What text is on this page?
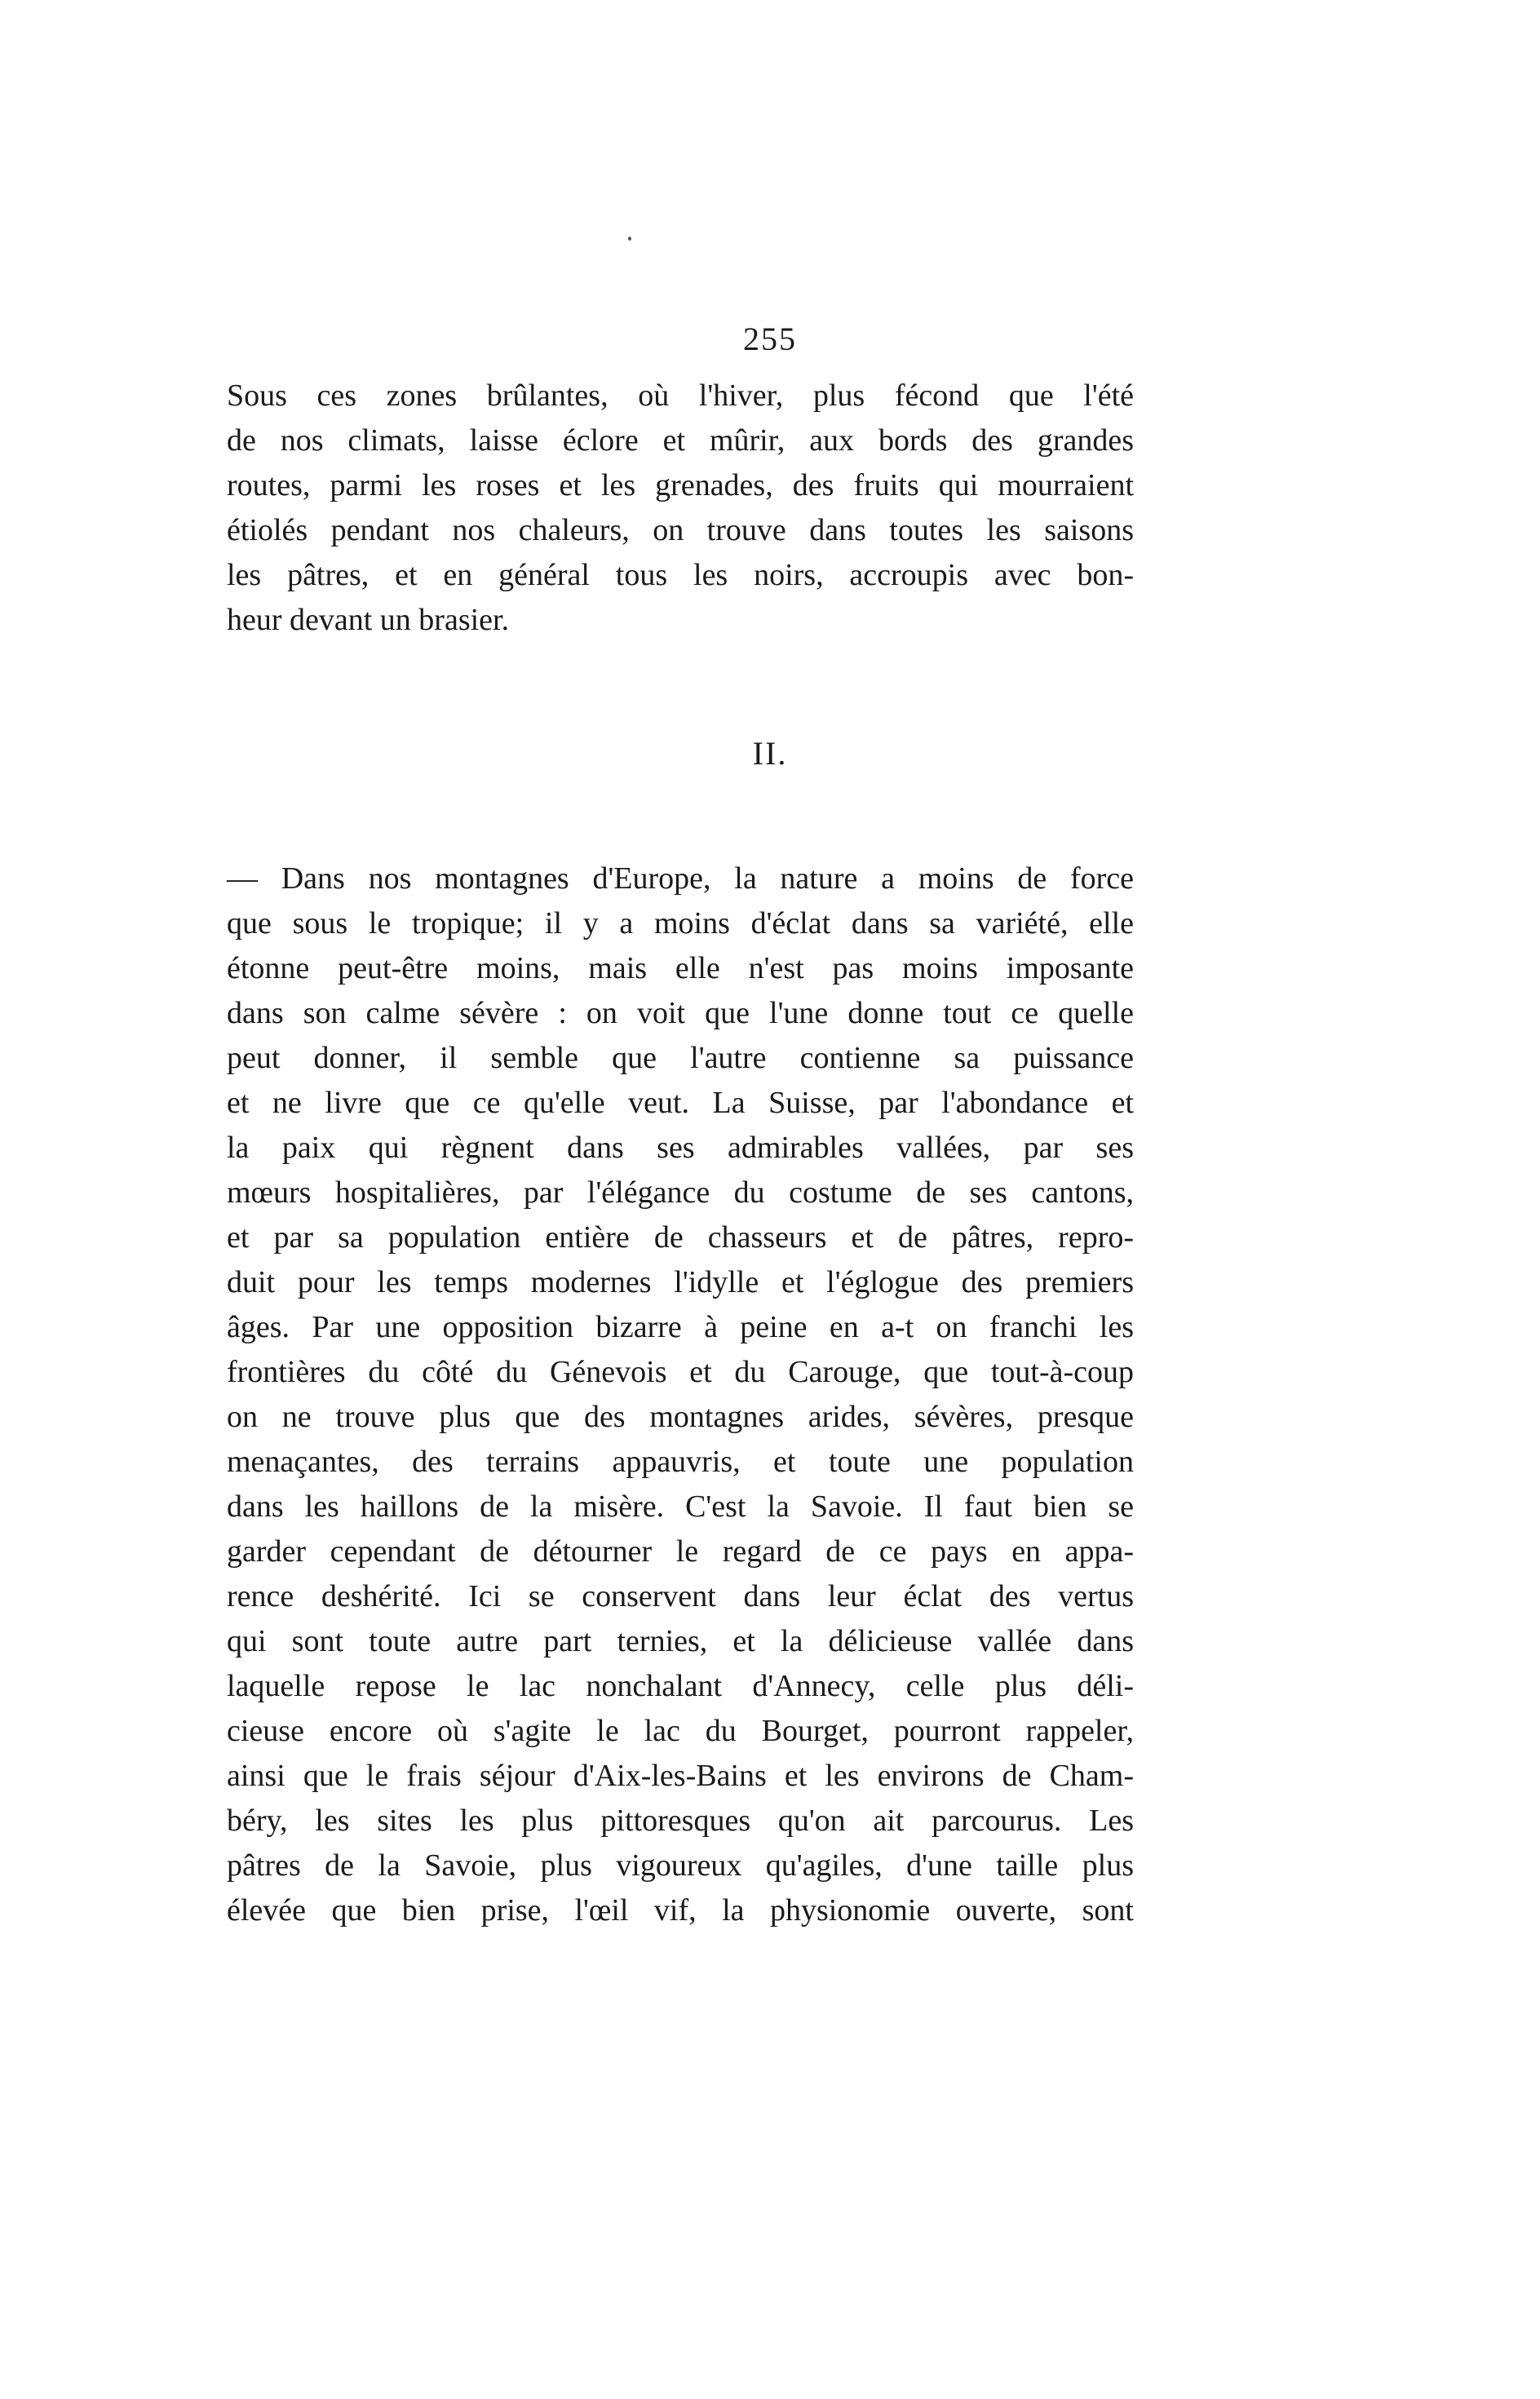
255
Sous ces zones brûlantes, où l'hiver, plus fécond que l'été
de nos climats, laisse éclore et mûrir, aux bords des grandes
routes, parmi les roses et les grenades, des fruits qui mourraient
étiolés pendant nos chaleurs, on trouve dans toutes les saisons
les pâtres, et en général tous les noirs, accroupis avec bon-
heur devant un brasier.
II.
— Dans nos montagnes d'Europe, la nature a moins de force
que sous le tropique; il y a moins d'éclat dans sa variété, elle
étonne peut-être moins, mais elle n'est pas moins imposante
dans son calme sévère : on voit que l'une donne tout ce quelle
peut donner, il semble que l'autre contienne sa puissance
et ne livre que ce qu'elle veut. La Suisse, par l'abondance et
la paix qui règnent dans ses admirables vallées, par ses
mœurs hospitalières, par l'élégance du costume de ses cantons,
et par sa population entière de chasseurs et de pâtres, repro-
duit pour les temps modernes l'idylle et l'églogue des premiers
âges. Par une opposition bizarre à peine en a-t on franchi les
frontières du côté du Génevois et du Carouge, que tout-à-coup
on ne trouve plus que des montagnes arides, sévères, presque
menaçantes, des terrains appauvris, et toute une population
dans les haillons de la misère. C'est la Savoie. Il faut bien se
garder cependant de détourner le regard de ce pays en appa-
rence deshérité. Ici se conservent dans leur éclat des vertus
qui sont toute autre part ternies, et la délicieuse vallée dans
laquelle repose le lac nonchalant d'Annecy, celle plus déli-
cieuse encore où s'agite le lac du Bourget, pourront rappeler,
ainsi que le frais séjour d'Aix-les-Bains et les environs de Cham-
béry, les sites les plus pittoresques qu'on ait parcourus. Les
pâtres de la Savoie, plus vigoureux qu'agiles, d'une taille plus
élevée que bien prise, l'œil vif, la physionomie ouverte, sont
